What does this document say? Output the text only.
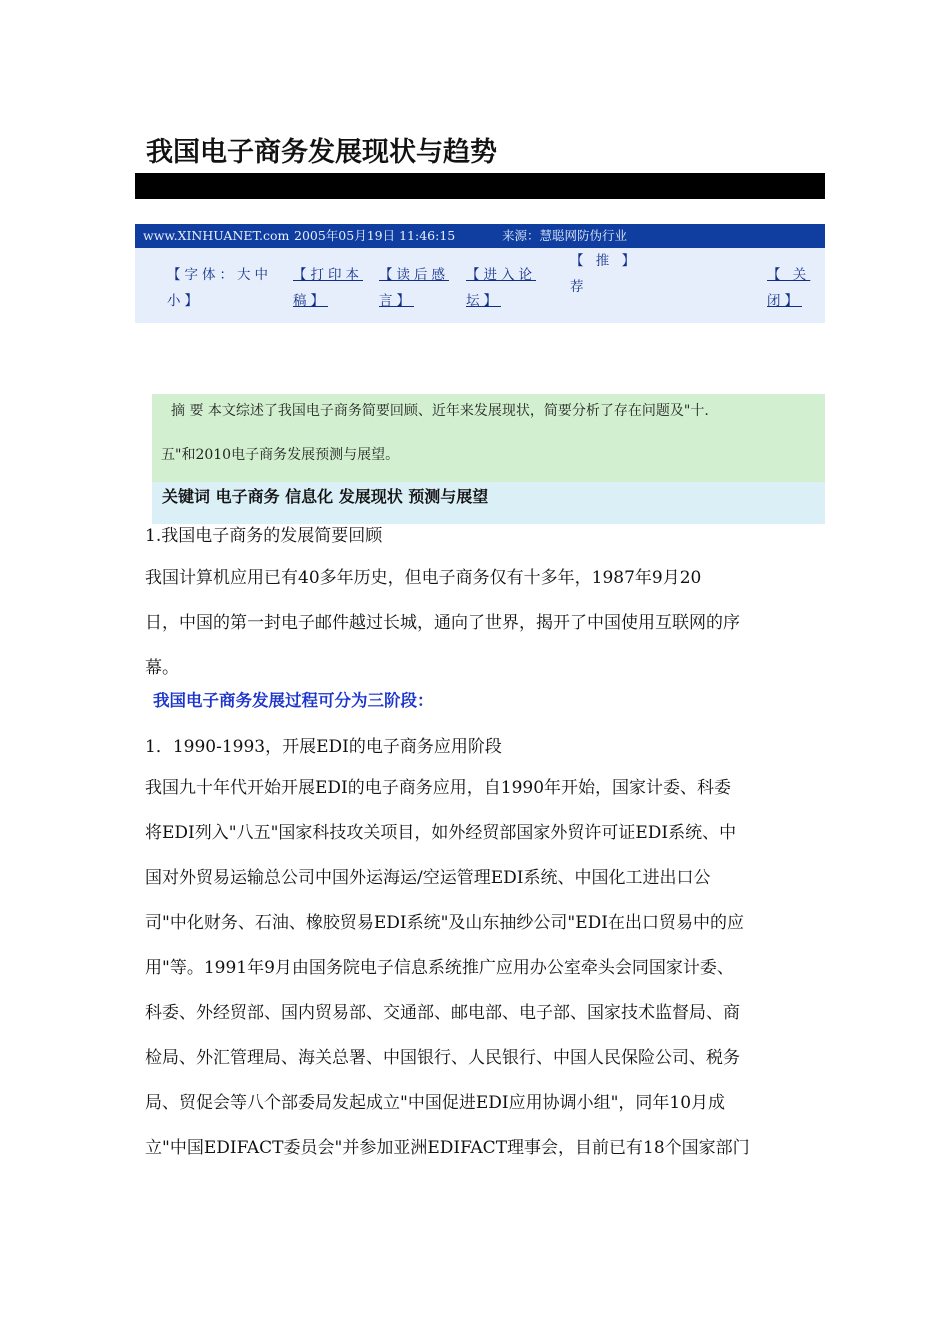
我国电子商务发展现状与趋势
www.XINHUANET.com 2005年05月19日 11:46:15	来源：慧聪网防伪行业
【字体：大中
小】
【打印本
稿】
【读后感
言】
【进入论
坛】
【 推 】
荐
【 关
闭】
摘 要 本文综述了我国电子商务简要回顾、近年来发展现状，简要分析了存在问题及"十.
五"和2010电子商务发展预测与展望。
关键词 电子商务 信息化 发展现状 预测与展望
1.我国电子商务的发展简要回顾
我国计算机应用已有40多年历史，但电子商务仅有十多年，1987年9月20
日，中国的第一封电子邮件越过长城，通向了世界，揭开了中国使用互联网的序
幕。
我国电子商务发展过程可分为三阶段：
1．1990-1993，开展EDI的电子商务应用阶段
我国九十年代开始开展EDI的电子商务应用，自1990年开始，国家计委、科委
将EDI列入"八五"国家科技攻关项目，如外经贸部国家外贸许可证EDI系统、中
国对外贸易运输总公司中国外运海运/空运管理EDI系统、中国化工进出口公
司"中化财务、石油、橡胶贸易EDI系统"及山东抽纱公司"EDI在出口贸易中的应
用"等。1991年9月由国务院电子信息系统推广应用办公室牵头会同国家计委、
科委、外经贸部、国内贸易部、交通部、邮电部、电子部、国家技术监督局、商
检局、外汇管理局、海关总署、中国银行、人民银行、中国人民保险公司、税务
局、贸促会等八个部委局发起成立"中国促进EDI应用协调小组"，同年10月成
立"中国EDIFACT委员会"并参加亚洲EDIFACT理事会，目前已有18个国家部门
